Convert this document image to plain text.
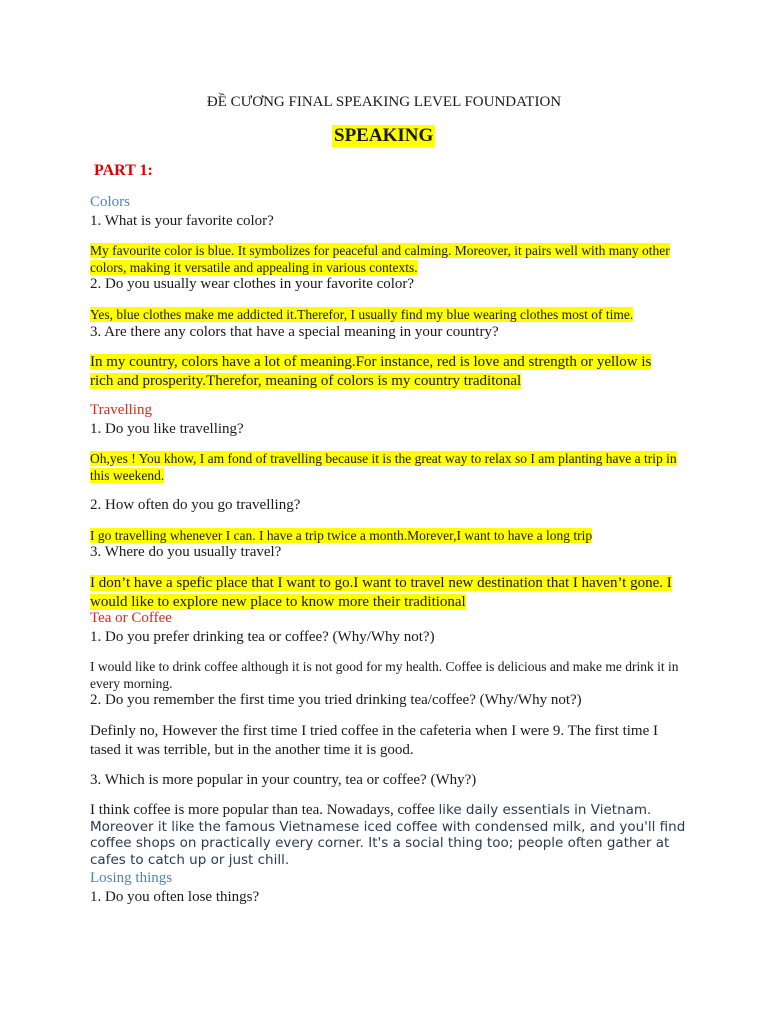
ĐỀ CƯƠNG FINAL SPEAKING LEVEL FOUNDATION
SPEAKING
PART 1:
Colors
1. What is your favorite color?
My favourite color is blue. It symbolizes for peaceful and calming. Moreover, it pairs well with many other colors, making it versatile and appealing in various contexts.
2. Do you usually wear clothes in your favorite color?
Yes, blue clothes make me addicted it.Therefor, I usually find my blue wearing clothes most of time.
3. Are there any colors that have a special meaning in your country?
In my country, colors have a lot of meaning.For instance, red is love and strength or yellow is rich and prosperity.Therefor, meaning of colors is my country traditonal
Travelling
1. Do you like travelling?
Oh,yes ! You khow, I am fond of travelling because it is the great way to relax so I am planting have a trip in this weekend.
2. How often do you go travelling?
I go travelling whenever I can. I have a trip twice a month.Morever,I want to have a long trip
3. Where do you usually travel?
I don’t have a spefic place that I want to go.I want to travel new destination that I haven’t gone. I would like to explore new place to know more their traditional
Tea or Coffee
1. Do you prefer drinking tea or coffee? (Why/Why not?)
I would like to drink coffee although it is not good for my health. Coffee is delicious and make me drink it in every morning.
2. Do you remember the first time you tried drinking tea/coffee? (Why/Why not?)
Definly no, However the first time I tried coffee in the cafeteria when I were 9. The first time I tased it was terrible, but in the another time it is good.
3. Which is more popular in your country, tea or coffee? (Why?)
I think coffee is more popular than tea. Nowadays, coffee like daily essentials in Vietnam. Moreover it like the famous Vietnamese iced coffee with condensed milk, and you'll find coffee shops on practically every corner. It's a social thing too; people often gather at cafes to catch up or just chill.
Losing things
1. Do you often lose things?
